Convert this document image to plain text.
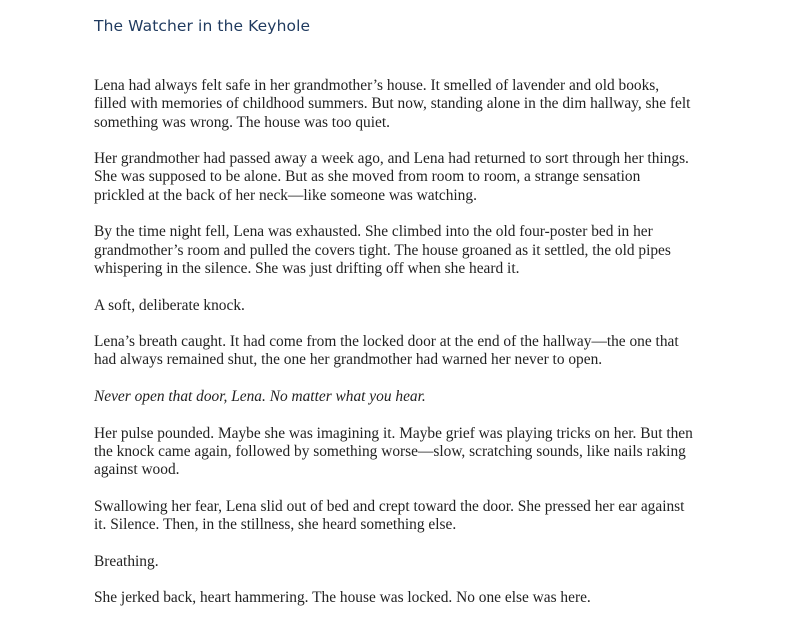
The Watcher in the Keyhole

Lena had always felt safe in her grandmother’s house. It smelled of lavender and old books,
filled with memories of childhood summers. But now, standing alone in the dim hallway, she felt
something was wrong. The house was too quiet.

Her grandmother had passed away a week ago, and Lena had returned to sort through her things.
She was supposed to be alone. But as she moved from room to room, a strange sensation
prickled at the back of her neck—like someone was watching.

By the time night fell, Lena was exhausted. She climbed into the old four-poster bed in her
grandmother’s room and pulled the covers tight. The house groaned as it settled, the old pipes
whispering in the silence. She was just drifting off when she heard it.

A soft, deliberate knock.

Lena’s breath caught. It had come from the locked door at the end of the hallway—the one that
had always remained shut, the one her grandmother had warned her never to open.

Never open that door, Lena. No matter what you hear.

Her pulse pounded. Maybe she was imagining it. Maybe grief was playing tricks on her. But then
the knock came again, followed by something worse—slow, scratching sounds, like nails raking
against wood.

Swallowing her fear, Lena slid out of bed and crept toward the door. She pressed her ear against
it. Silence. Then, in the stillness, she heard something else.

Breathing.

She jerked back, heart hammering. The house was locked. No one else was here.
